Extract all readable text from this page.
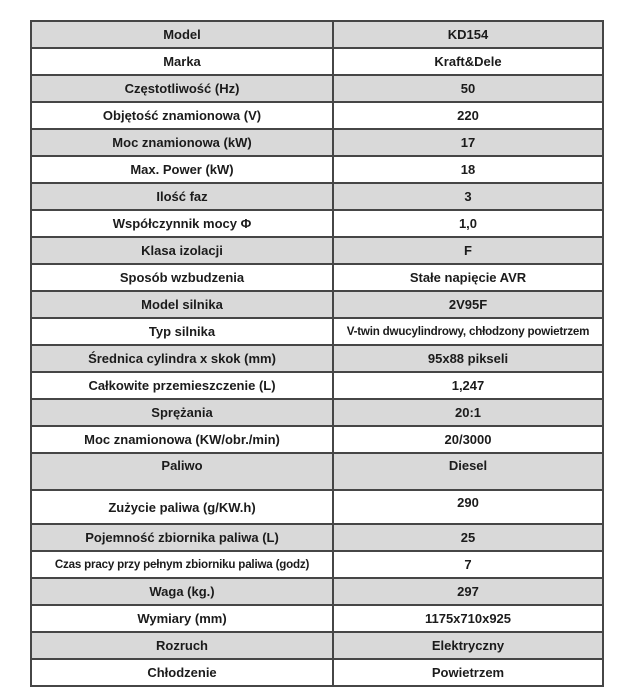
Model	KD154
Marka	Kraft&Dele
Częstotliwość (Hz)	50
Objętość znamionowa (V)	220
Moc znamionowa (kW)	17
Max. Power (kW)	18
Ilość faz	3
Współczynnik mocy Φ	1,0
Klasa izolacji	F
Sposób wzbudzenia	Stałe napięcie AVR
Model silnika	2V95F
Typ silnika	V-twin dwucylindrowy, chłodzony powietrzem
Średnica cylindra x skok (mm)	95x88 pikseli
Całkowite przemieszczenie (L)	1,247
Sprężania	20:1
Moc znamionowa (KW/obr./min)	20/3000
Paliwo	Diesel
Zużycie paliwa (g/KW.h)	290
Pojemność zbiornika paliwa (L)	25
Czas pracy przy pełnym zbiorniku paliwa (godz)	7
Waga (kg.)	297
Wymiary (mm)	1175x710x925
Rozruch	Elektryczny
Chłodzenie	Powietrzem
